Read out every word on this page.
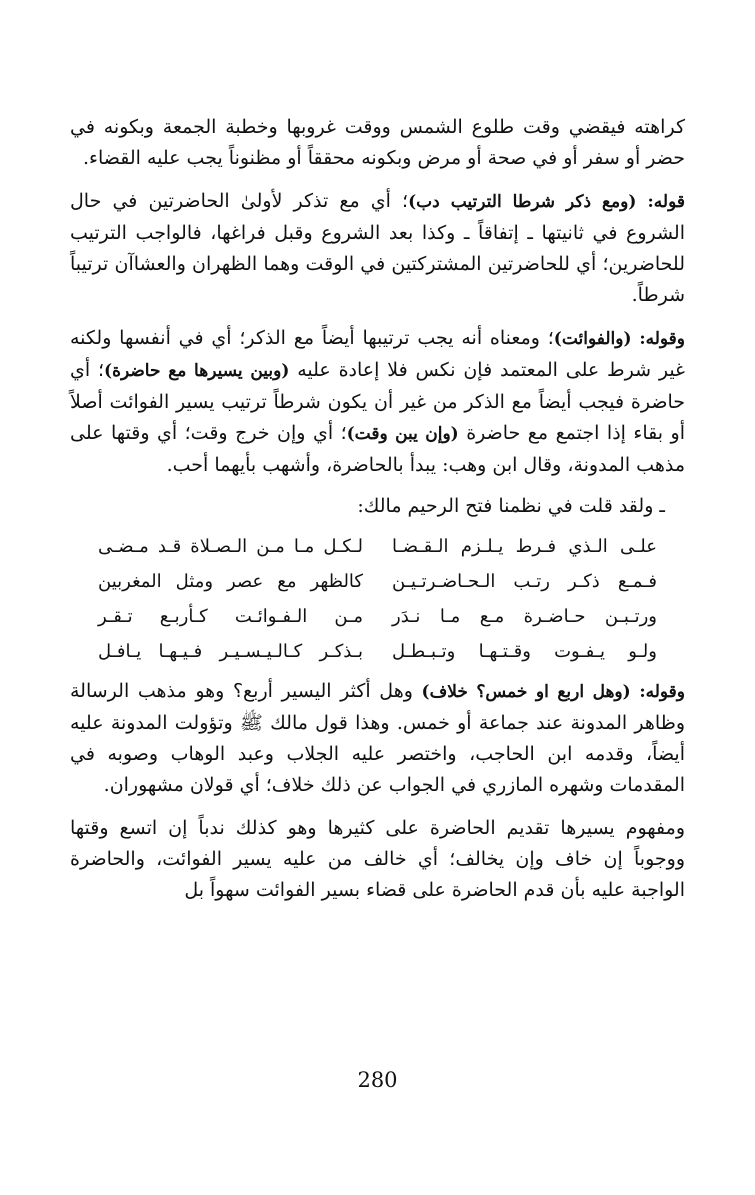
كراهته فيقضي وقت طلوع الشمس ووقت غروبها وخطبة الجمعة وبكونه في حضر أو سفر أو في صحة أو مرض وبكونه محققاً أو مظنوناً يجب عليه القضاء.

قوله: (ومع ذكر شرطا الترتيب دب)؛ أي مع تذكر لأولىٰ الحاضرتين في حال الشروع في ثانيتها ـ إتفاقاً ـ وكذا بعد الشروع وقبل فراغها، فالواجب الترتيب للحاضرين؛ أي للحاضرتين المشتركتين في الوقت وهما الظهران والعشاآن ترتيباً شرطاً.

وقوله: (والفوائت)؛ ومعناه أنه يجب ترتيبها أيضاً مع الذكر؛ أي في أنفسها ولكنه غير شرط على المعتمد فإن نكس فلا إعادة عليه (وبين يسيرها مع حاضرة)؛ أي حاضرة فيجب أيضاً مع الذكر من غير أن يكون شرطاً ترتيب يسير الفوائت أصلاً أو بقاء إذا اجتمع مع حاضرة (وإن يبن وقت)؛ أي وإن خرج وقت؛ أي وقتها على مذهب المدونة، وقال ابن وهب: يبدأ بالحاضرة، وأشهب بأيهما أحب.

ـ ولقد قلت في نظمنا فتح الرحيم مالك:
علـى الـذي فـرط يـلـزم الـقـضـا
لـكـل مـا مـن الـصـلاة قـد مـضـى
فـمـع ذكـر رتـب الـحـاضـرتـيـن
كالظهر مع عصر ومثل المغربين
ورتـبـن حـاضـرة مـع مـا نـدَر
مـن الـفـوائـت كـأربـع تـقـر
ولـو يـفـوت وقـتـهـا وتـبـطـل
بـذكـر كـالـيـسـيـر فـيـهـا يـافـل

وقوله: (وهل اربع او خمس؟ خلاف) وهل أكثر اليسير أربع؟ وهو مذهب الرسالة وظاهر المدونة عند جماعة أو خمس. وهذا قول مالك ﷺ وتؤولت المدونة عليه أيضاً، وقدمه ابن الحاجب، واختصر عليه الجلاب وعبد الوهاب وصوبه في المقدمات وشهره المازري في الجواب عن ذلك خلاف؛ أي قولان مشهوران.

ومفهوم يسيرها تقديم الحاضرة على كثيرها وهو كذلك ندباً إن اتسع وقتها ووجوباً إن خاف وإن يخالف؛ أي خالف من عليه يسير الفوائت، والحاضرة الواجبة عليه بأن قدم الحاضرة على قضاء بسير الفوائت سهواً بل

280
